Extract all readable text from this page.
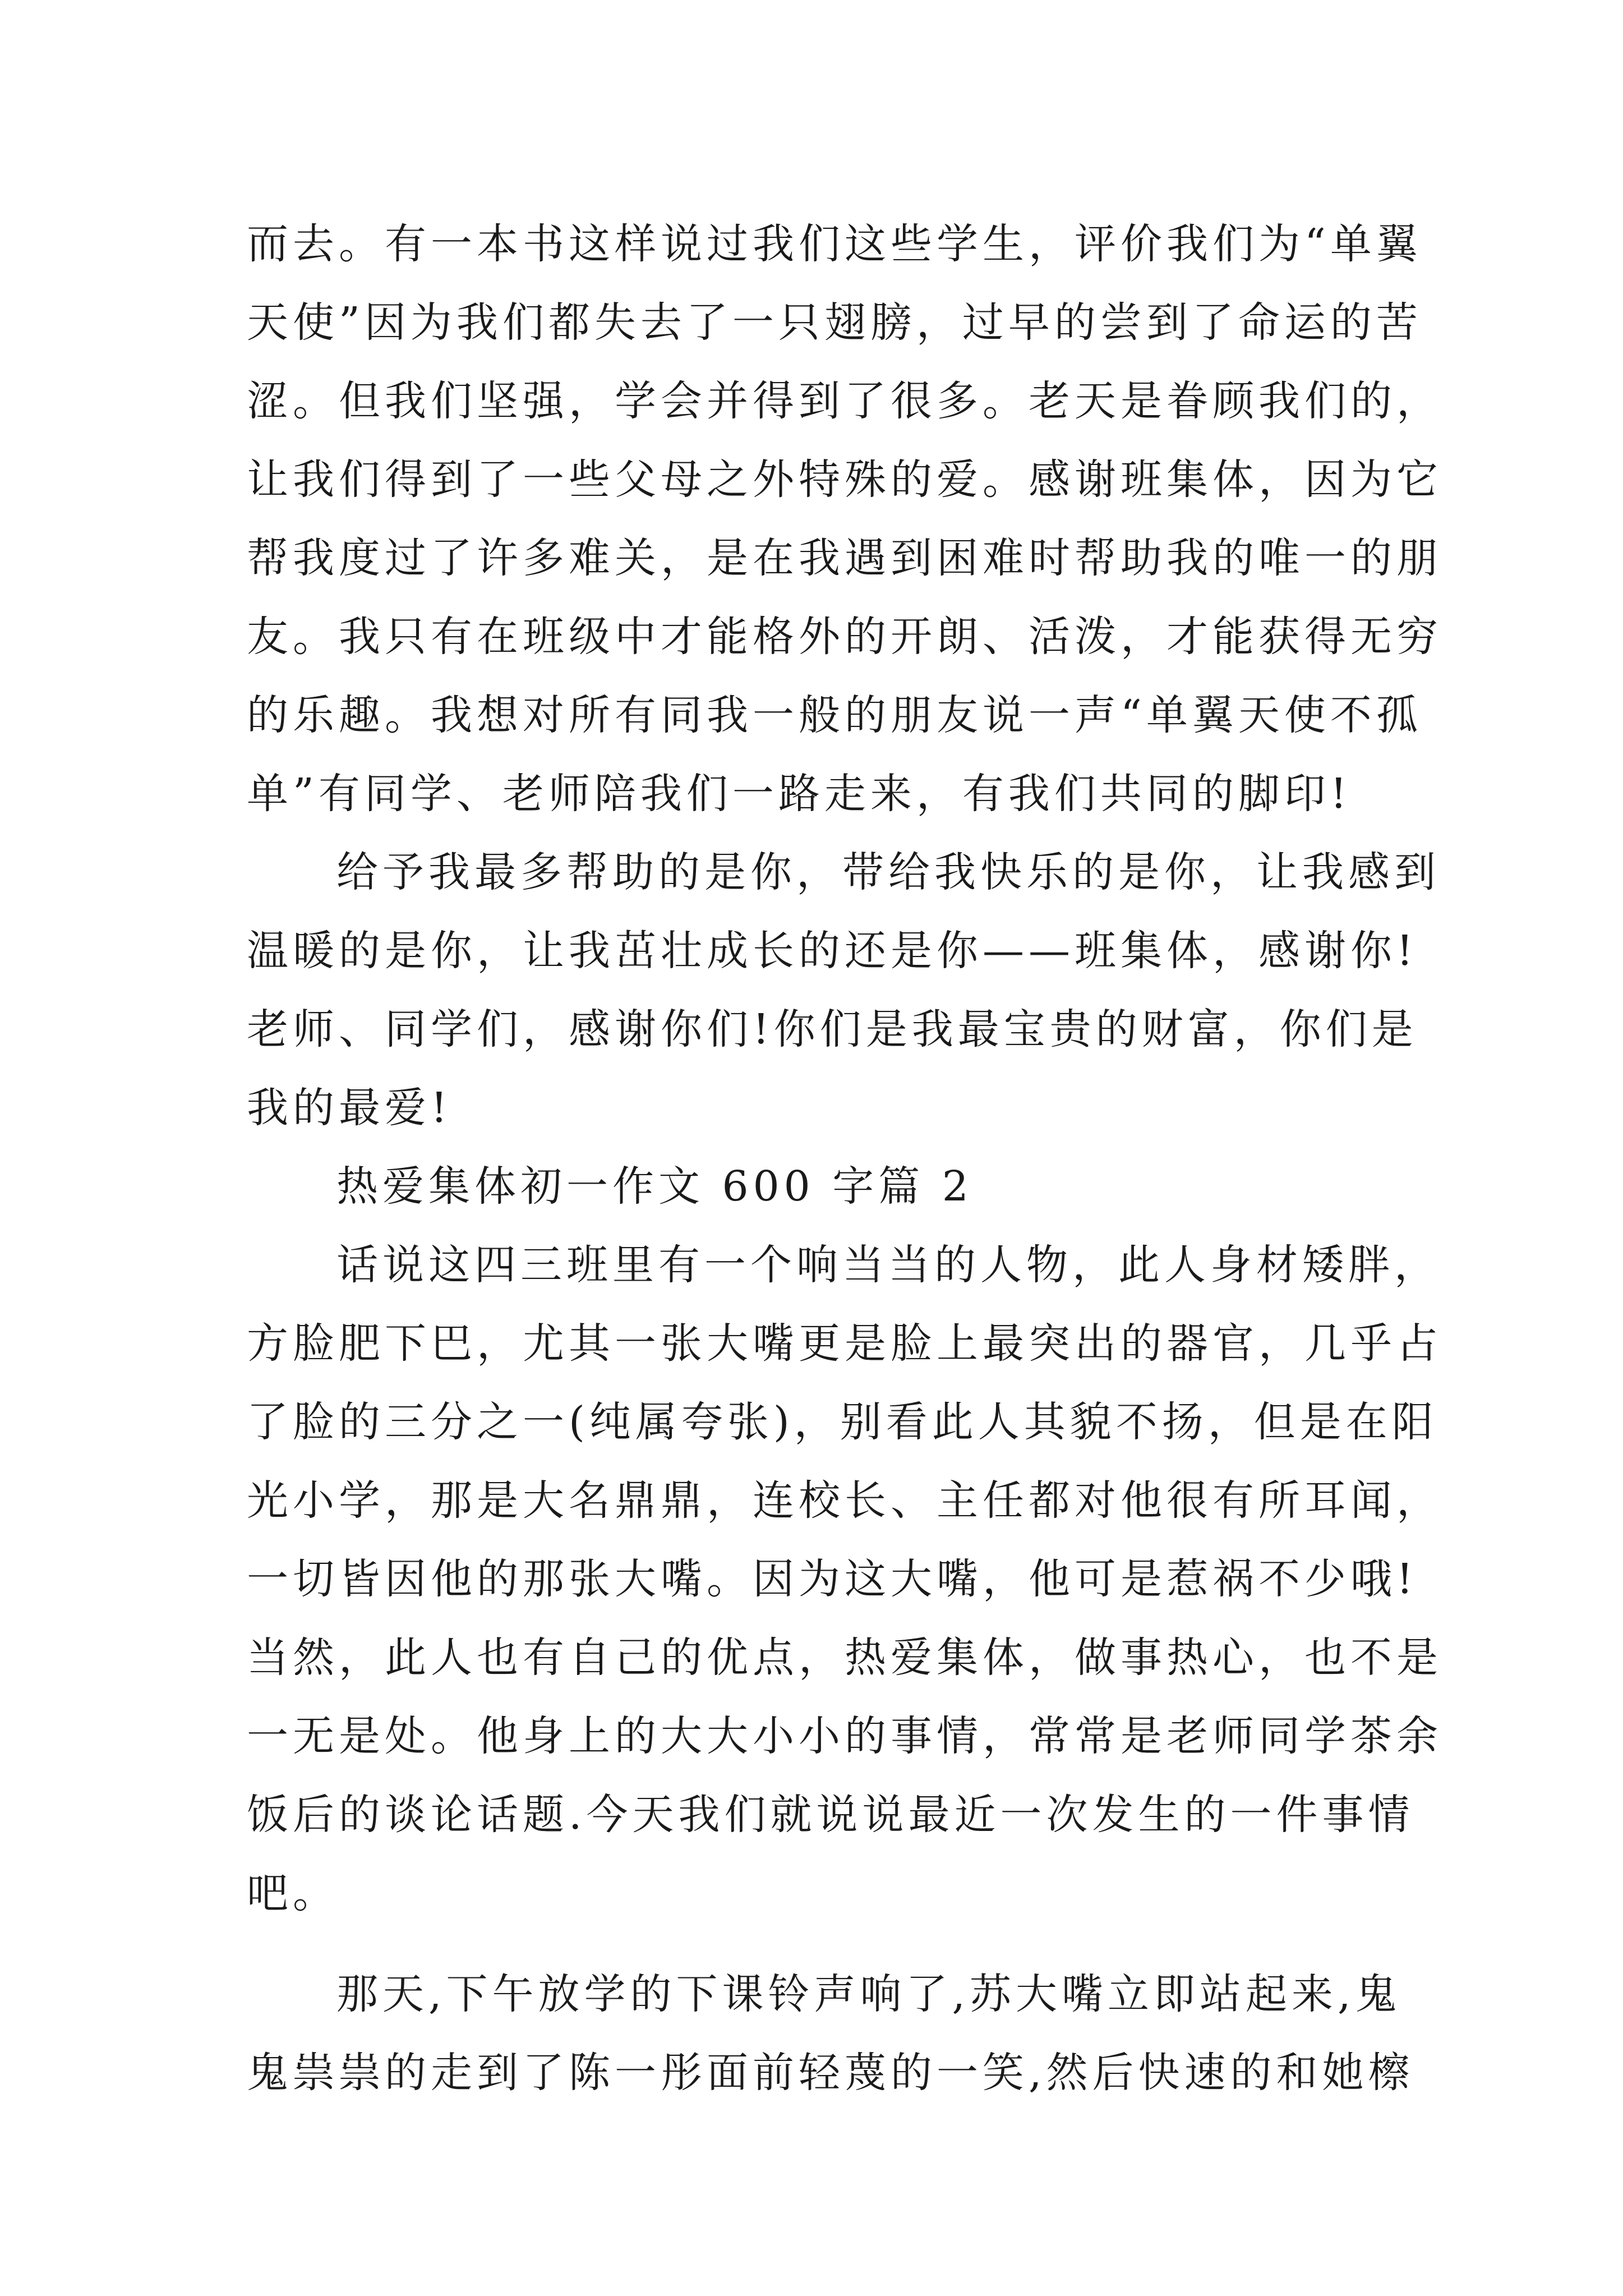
而去。有一本书这样说过我们这些学生，评价我们为“单翼
天使”因为我们都失去了一只翅膀，过早的尝到了命运的苦
涩。但我们坚强，学会并得到了很多。老天是眷顾我们的，
让我们得到了一些父母之外特殊的爱。感谢班集体，因为它
帮我度过了许多难关，是在我遇到困难时帮助我的唯一的朋
友。我只有在班级中才能格外的开朗、活泼，才能获得无穷
的乐趣。我想对所有同我一般的朋友说一声“单翼天使不孤
单”有同学、老师陪我们一路走来，有我们共同的脚印!
给予我最多帮助的是你，带给我快乐的是你，让我感到
温暖的是你，让我茁壮成长的还是你——班集体，感谢你!
老师、同学们，感谢你们!你们是我最宝贵的财富，你们是
我的最爱!
热爱集体初一作文 600 字篇 2
话说这四三班里有一个响当当的人物，此人身材矮胖，
方脸肥下巴，尤其一张大嘴更是脸上最突出的器官，几乎占
了脸的三分之一(纯属夸张)，别看此人其貌不扬，但是在阳
光小学，那是大名鼎鼎，连校长、主任都对他很有所耳闻，
一切皆因他的那张大嘴。因为这大嘴，他可是惹祸不少哦!
当然，此人也有自己的优点，热爱集体，做事热心，也不是
一无是处。他身上的大大小小的事情，常常是老师同学茶余
饭后的谈论话题.今天我们就说说最近一次发生的一件事情
吧。
那天,下午放学的下课铃声响了,苏大嘴立即站起来,鬼
鬼祟祟的走到了陈一彤面前轻蔑的一笑,然后快速的和她檫
